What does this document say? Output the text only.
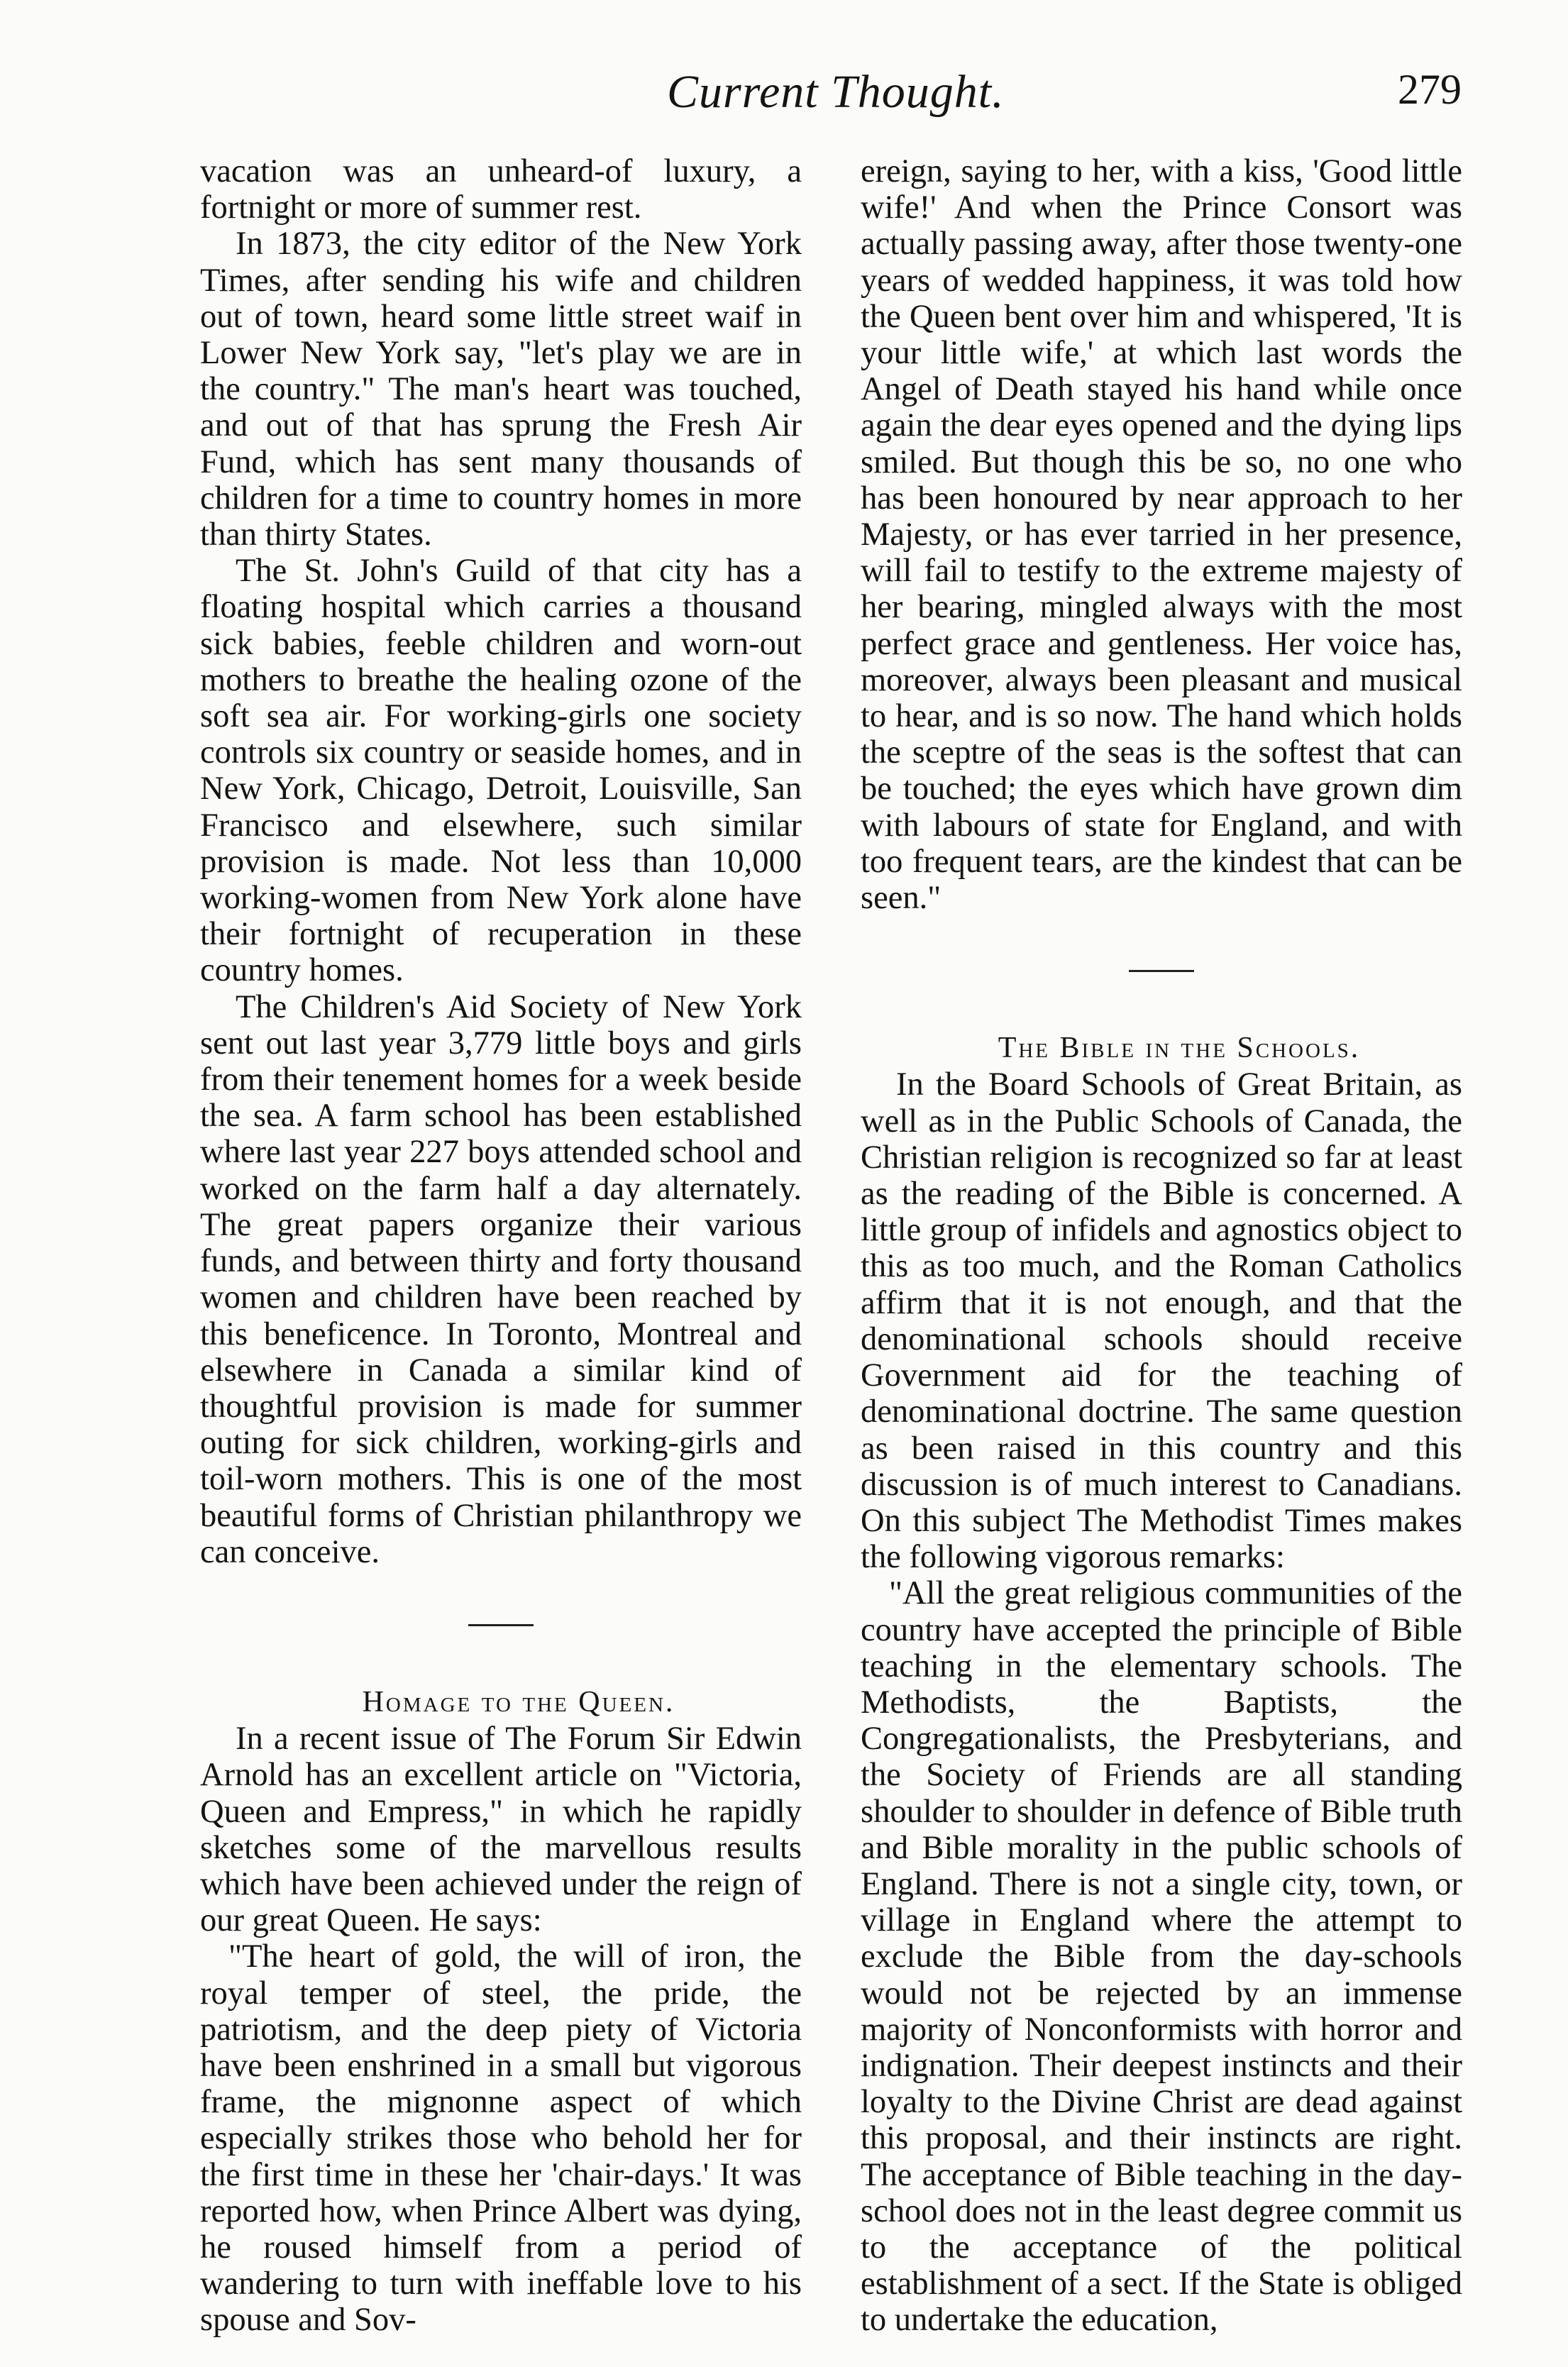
Current Thought.	279

vacation was an unheard-of luxury, a fortnight or more of summer rest.

In 1873, the city editor of the New York Times, after sending his wife and children out of town, heard some little street waif in Lower New York say, "let's play we are in the country." The man's heart was touched, and out of that has sprung the Fresh Air Fund, which has sent many thousands of children for a time to country homes in more than thirty States.

The St. John's Guild of that city has a floating hospital which carries a thousand sick babies, feeble children and worn-out mothers to breathe the healing ozone of the soft sea air. For working-girls one society controls six country or seaside homes, and in New York, Chicago, Detroit, Louisville, San Francisco and elsewhere, such similar provision is made. Not less than 10,000 working-women from New York alone have their fortnight of recuperation in these country homes.

The Children's Aid Society of New York sent out last year 3,779 little boys and girls from their tenement homes for a week beside the sea. A farm school has been established where last year 227 boys attended school and worked on the farm half a day alternately. The great papers organize their various funds, and between thirty and forty thousand women and children have been reached by this beneficence. In Toronto, Montreal and elsewhere in Canada a similar kind of thoughtful provision is made for summer outing for sick children, working-girls and toil-worn mothers. This is one of the most beautiful forms of Christian philanthropy we can conceive.

Homage to the Queen.

In a recent issue of The Forum Sir Edwin Arnold has an excellent article on "Victoria, Queen and Empress," in which he rapidly sketches some of the marvellous results which have been achieved under the reign of our great Queen. He says:

"The heart of gold, the will of iron, the royal temper of steel, the pride, the patriotism, and the deep piety of Victoria have been enshrined in a small but vigorous frame, the mignonne aspect of which especially strikes those who behold her for the first time in these her 'chair-days.' It was reported how, when Prince Albert was dying, he roused himself from a period of wandering to turn with ineffable love to his spouse and Sov-

ereign, saying to her, with a kiss, 'Good little wife!' And when the Prince Consort was actually passing away, after those twenty-one years of wedded happiness, it was told how the Queen bent over him and whispered, 'It is your little wife,' at which last words the Angel of Death stayed his hand while once again the dear eyes opened and the dying lips smiled. But though this be so, no one who has been honoured by near approach to her Majesty, or has ever tarried in her presence, will fail to testify to the extreme majesty of her bearing, mingled always with the most perfect grace and gentleness. Her voice has, moreover, always been pleasant and musical to hear, and is so now. The hand which holds the sceptre of the seas is the softest that can be touched; the eyes which have grown dim with labours of state for England, and with too frequent tears, are the kindest that can be seen."

The Bible in the Schools.

In the Board Schools of Great Britain, as well as in the Public Schools of Canada, the Christian religion is recognized so far at least as the reading of the Bible is concerned. A little group of infidels and agnostics object to this as too much, and the Roman Catholics affirm that it is not enough, and that the denominational schools should receive Government aid for the teaching of denominational doctrine. The same question as been raised in this country and this discussion is of much interest to Canadians. On this subject The Methodist Times makes the following vigorous remarks:

"All the great religious communities of the country have accepted the principle of Bible teaching in the elementary schools. The Methodists, the Baptists, the Congregationalists, the Presbyterians, and the Society of Friends are all standing shoulder to shoulder in defence of Bible truth and Bible morality in the public schools of England. There is not a single city, town, or village in England where the attempt to exclude the Bible from the day-schools would not be rejected by an immense majority of Nonconformists with horror and indignation. Their deepest instincts and their loyalty to the Divine Christ are dead against this proposal, and their instincts are right. The acceptance of Bible teaching in the day-school does not in the least degree commit us to the acceptance of the political establishment of a sect. If the State is obliged to undertake the education,
